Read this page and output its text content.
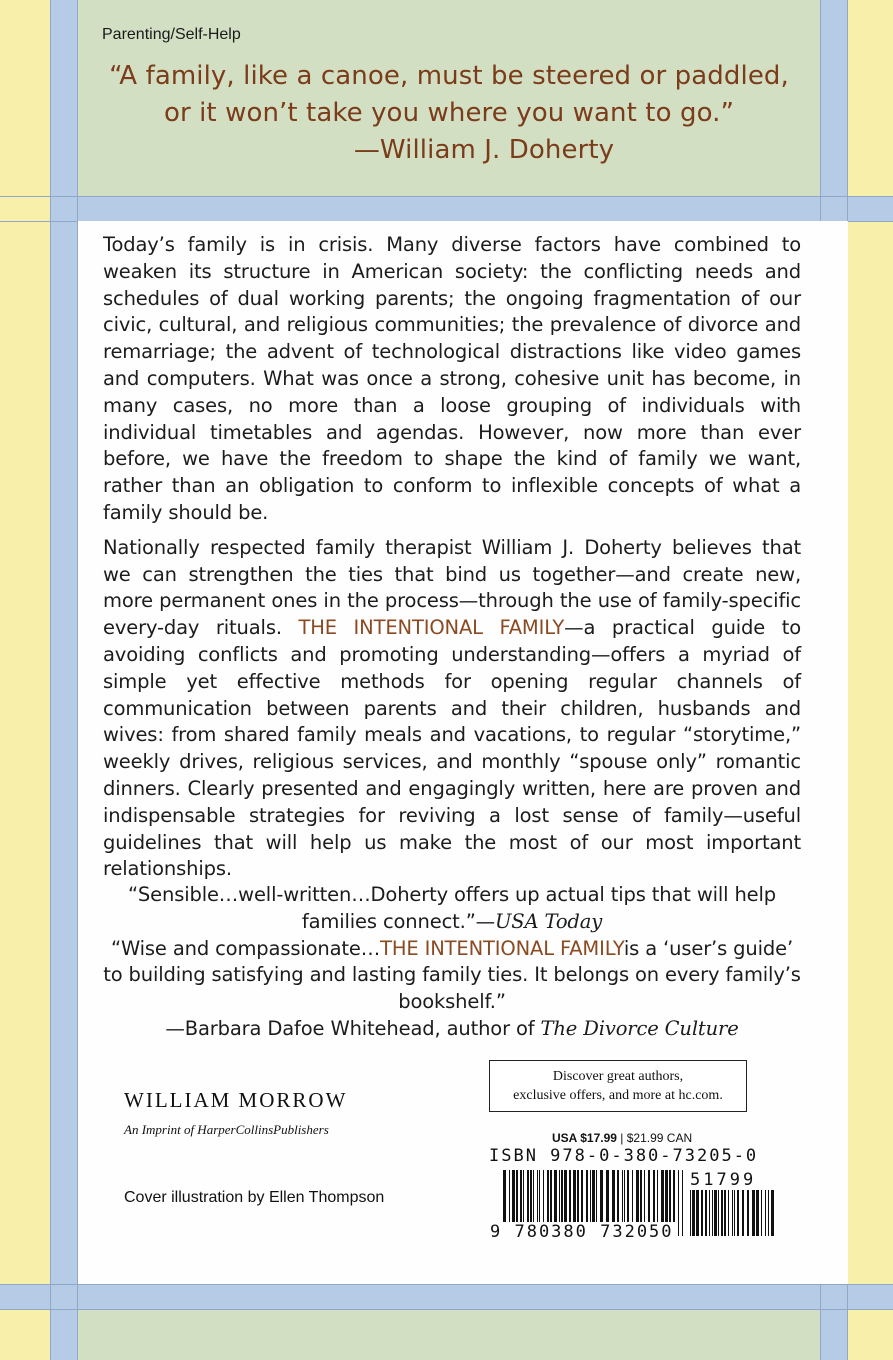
Parenting/Self-Help
“A family, like a canoe, must be steered or paddled,
or it won’t take you where you want to go.”

—William J. Doherty

Today’s family is in crisis. Many diverse factors have combined to weaken its structure in American society: the conflicting needs and schedules of dual working parents; the ongoing fragmentation of our civic, cultural, and religious communities; the prevalence of divorce and remarriage; the advent of technological distractions like video games and computers. What was once a strong, cohesive unit has become, in many cases, no more than a loose grouping of individuals with individual timetables and agendas. However, now more than ever before, we have the freedom to shape the kind of family we want, rather than an obligation to conform to inflexible concepts of what a family should be.

Nationally respected family therapist William J. Doherty believes that we can strengthen the ties that bind us together—and create new, more permanent ones in the process—through the use of family-specific every-day rituals. THE INTENTIONAL FAMILY—a practical guide to avoiding conflicts and promoting understanding—offers a myriad of simple yet effective methods for opening regular channels of communication between parents and their children, husbands and wives: from shared family meals and vacations, to regular “storytime,” weekly drives, religious services, and monthly “spouse only” romantic dinners. Clearly presented and engagingly written, here are proven and indispensable strategies for reviving a lost sense of family—useful guidelines that will help us make the most of our most important relationships.

“Sensible…well-written…Doherty offers up actual tips that will help families connect.”—USA Today

“Wise and compassionate…THE INTENTIONAL FAMILYis a ‘user’s guide’ to building satisfying and lasting family ties. It belongs on every family’s bookshelf.”

—Barbara Dafoe Whitehead, author of The Divorce Culture

WILLIAM MORROW
An Imprint of HarperCollinsPublishers
Cover illustration by Ellen Thompson
Discover great authors,
exclusive offers, and more at hc.com.
USA $17.99 | $21.99 CAN
ISBN 978-0-380-73205-0
51799
9 780380 732050
